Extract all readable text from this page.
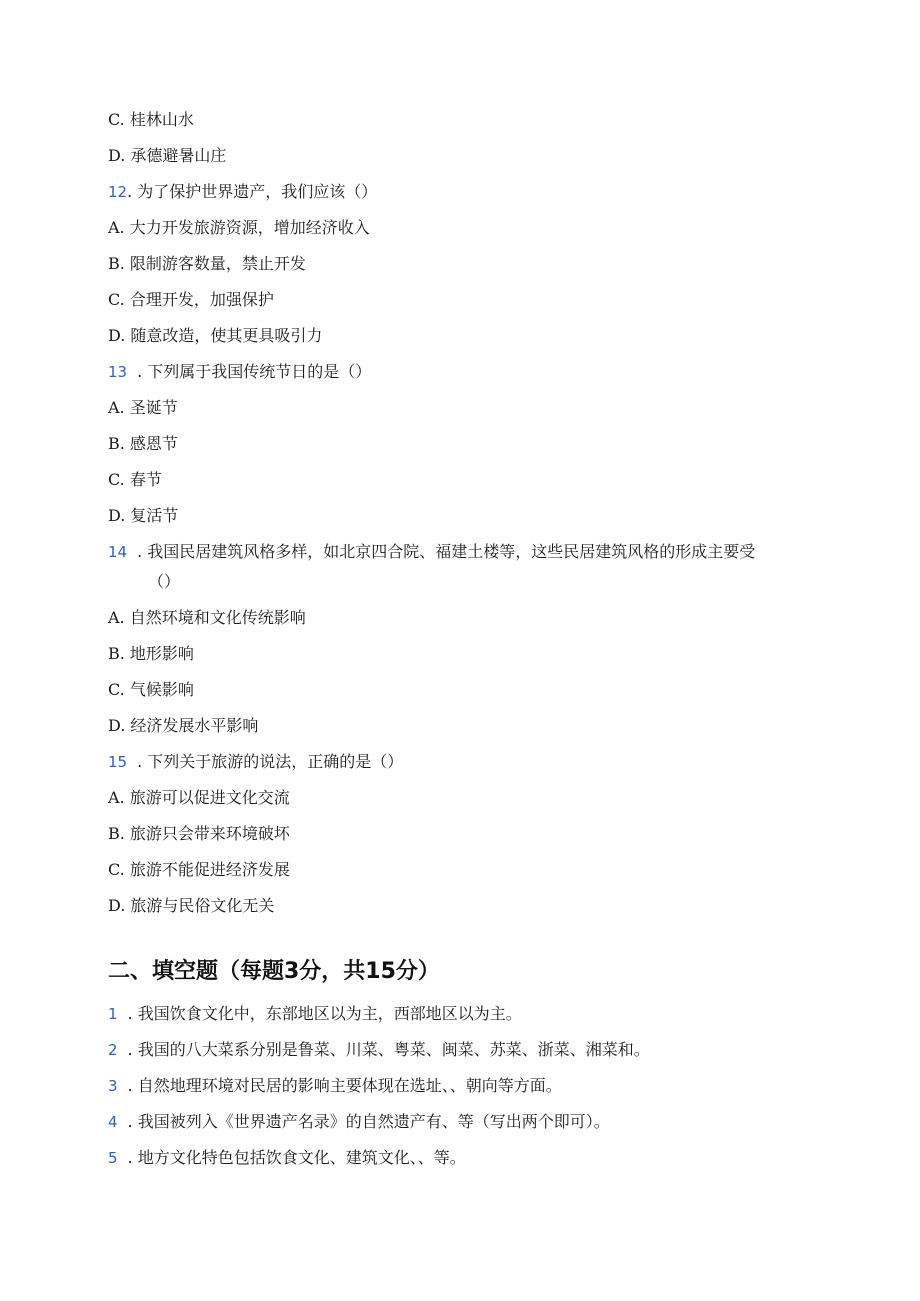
C. 桂林山水
D. 承德避暑山庄
12. 为了保护世界遗产，我们应该（）
A. 大力开发旅游资源，增加经济收入
B. 限制游客数量，禁止开发
C. 合理开发，加强保护
D. 随意改造，使其更具吸引力
13 . 下列属于我国传统节日的是（）
A. 圣诞节
B. 感恩节
C. 春节
D. 复活节
14 . 我国民居建筑风格多样，如北京四合院、福建土楼等，这些民居建筑风格的形成主要受
（）
A. 自然环境和文化传统影响
B. 地形影响
C. 气候影响
D. 经济发展水平影响
15 . 下列关于旅游的说法，正确的是（）
A. 旅游可以促进文化交流
B. 旅游只会带来环境破坏
C. 旅游不能促进经济发展
D. 旅游与民俗文化无关
二、填空题（每题3分，共15分）
1 . 我国饮食文化中，东部地区以为主，西部地区以为主。
2 . 我国的八大菜系分别是鲁菜、川菜、粤菜、闽菜、苏菜、浙菜、湘菜和。
3 . 自然地理环境对民居的影响主要体现在选址、、朝向等方面。
4 . 我国被列入《世界遗产名录》的自然遗产有、等（写出两个即可）。
5 . 地方文化特色包括饮食文化、建筑文化、、等。
